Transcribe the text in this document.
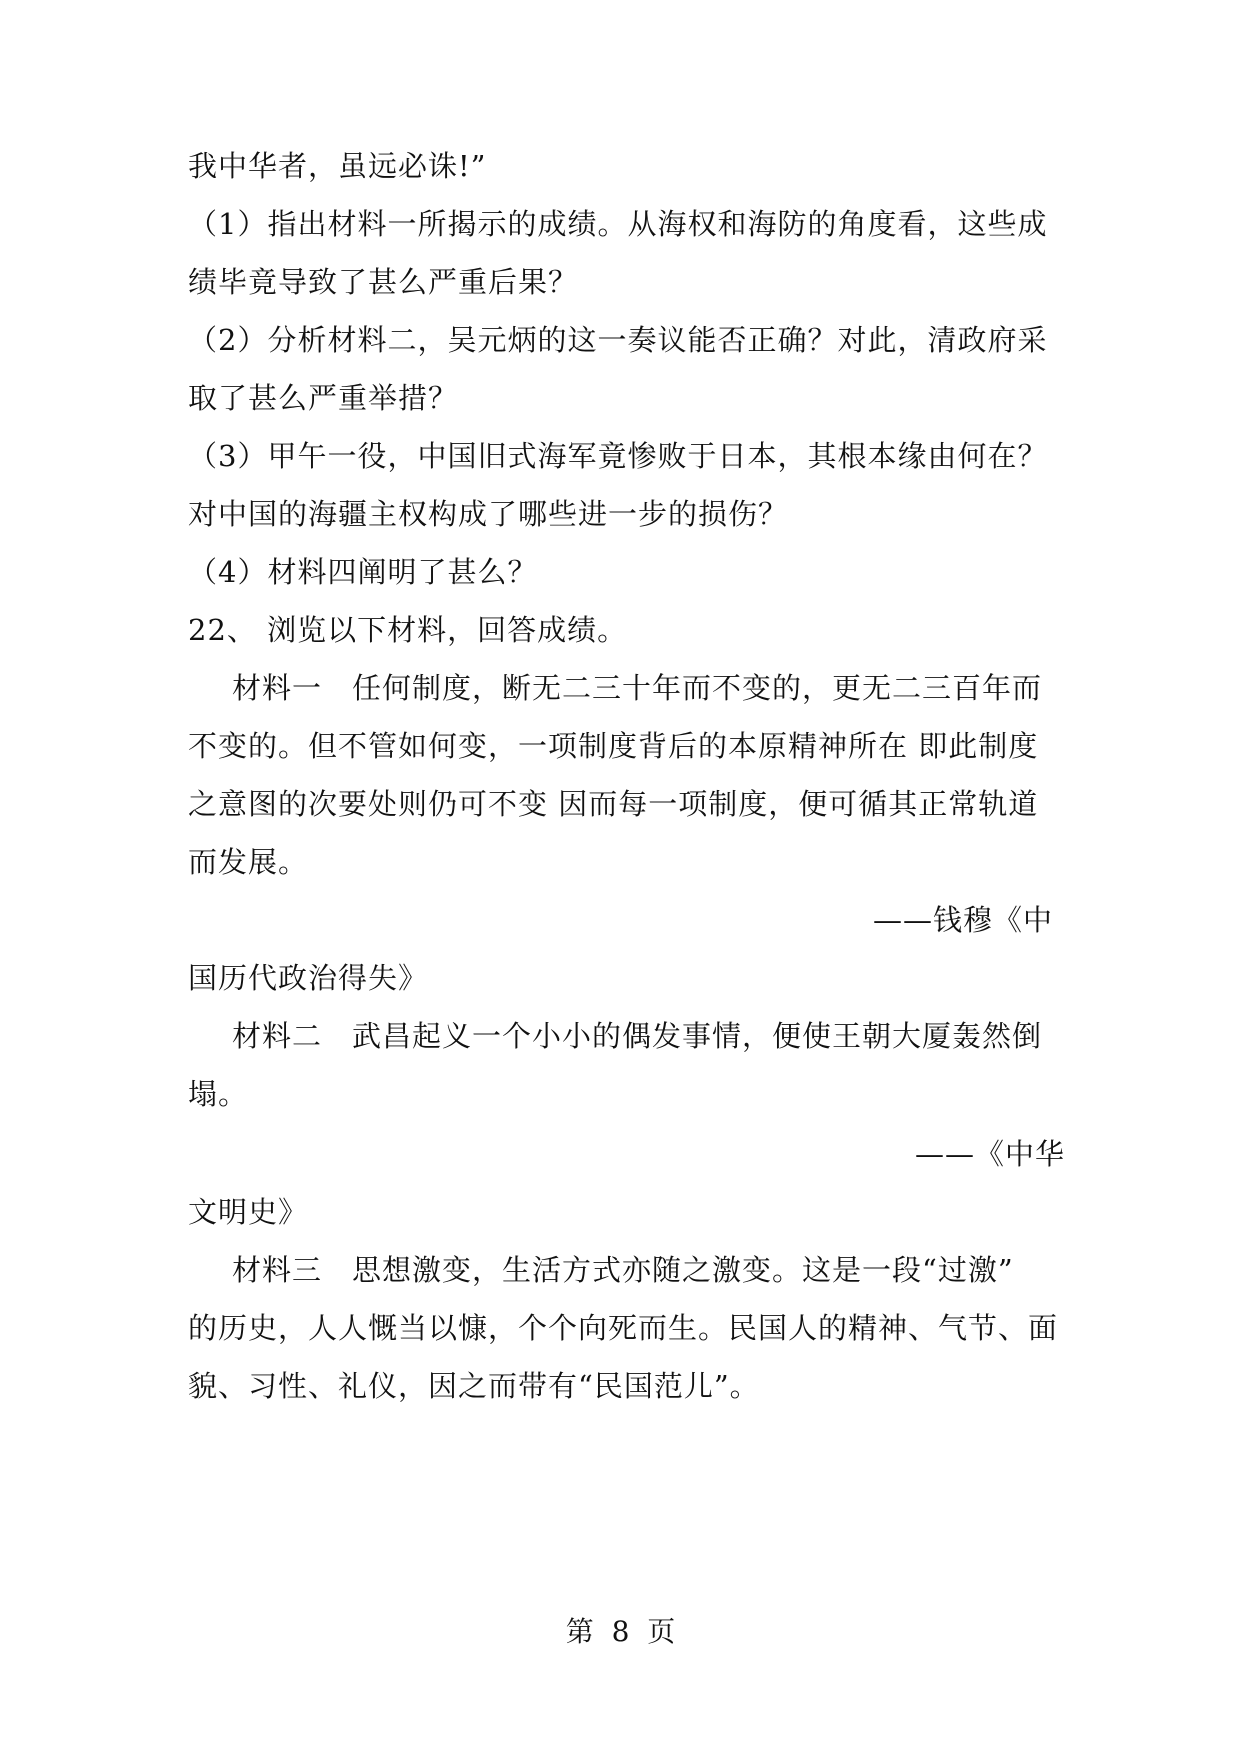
我中华者，虽远必诛!”
（1）指出材料一所揭示的成绩。从海权和海防的角度看，这些成
绩毕竟导致了甚么严重后果？
（2）分析材料二，吴元炳的这一奏议能否正确？对此，清政府采
取了甚么严重举措？
（3）甲午一役，中国旧式海军竟惨败于日本，其根本缘由何在？
对中国的海疆主权构成了哪些进一步的损伤？
（4）材料四阐明了甚么？
22、 浏览以下材料，回答成绩。
材料一　任何制度，断无二三十年而不变的，更无二三百年而
不变的。但不管如何变，一项制度背后的本原精神所在 即此制度
之意图的次要处则仍可不变 因而每一项制度，便可循其正常轨道
而发展。
——钱穆《中
国历代政治得失》
材料二　武昌起义一个小小的偶发事情，便使王朝大厦轰然倒
塌。
——《中华
文明史》
材料三　思想激变，生活方式亦随之激变。这是一段“过激”
的历史，人人慨当以慷，个个向死而生。民国人的精神、气节、面
貌、习性、礼仪，因之而带有“民国范儿”。
第  8  页
